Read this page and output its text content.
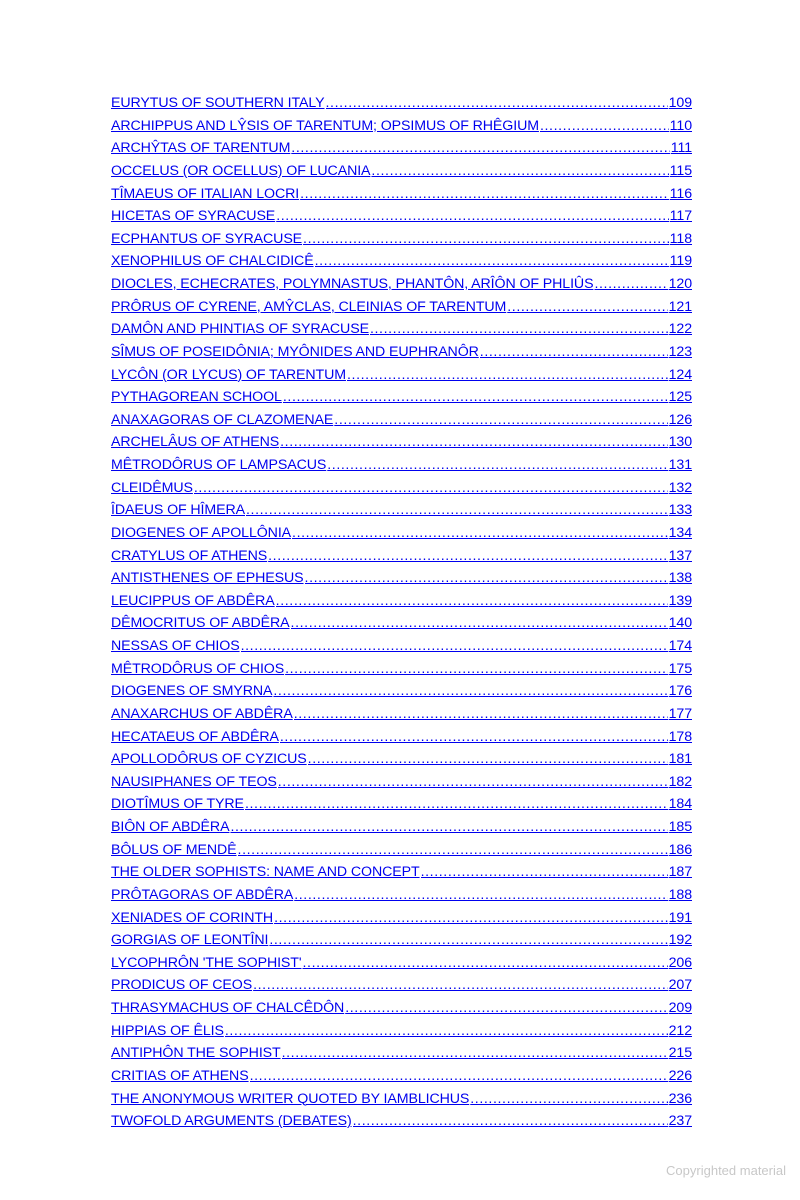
EURYTUS OF SOUTHERN ITALY .....	109
ARCHIPPUS AND LŶSIS OF TARENTUM; OPSIMUS OF RHÊGIUM .....	110
ARCHŶTAS OF TARENTUM .....	111
OCCELUS (OR OCELLUS) OF LUCANIA .....	115
TÎMAEUS OF ITALIAN LOCRI .....	116
HICETAS OF SYRACUSE .....	117
ECPHANTUS OF SYRACUSE .....	118
XENOPHILUS OF CHALCIDICÊ .....	119
DIOCLES, ECHECRATES, POLYMNASTUS, PHANTÔN, ARÎÔN OF PHLIÛS .....	120
PRÔRUS OF CYRENE, AMŶCLAS, CLEINIAS OF TARENTUM .....	121
DAMÔN AND PHINTIAS OF SYRACUSE .....	122
SÎMUS OF POSEIDÔNIA; MYÔNIDES AND EUPHRANÔR .....	123
LYCÔN (OR LYCUS) OF TARENTUM .....	124
PYTHAGOREAN SCHOOL .....	125
ANAXAGORAS OF CLAZOMENAE .....	126
ARCHELÂUS OF ATHENS .....	130
MÊTRODÔRUS OF LAMPSACUS .....	131
CLEIDÊMUS .....	132
ÎDAEUS OF HÎMERA .....	133
DIOGENES OF APOLLÔNIA .....	134
CRATYLUS OF ATHENS .....	137
ANTISTHENES OF EPHESUS .....	138
LEUCIPPUS OF ABDÊRA .....	139
DÊMOCRITUS OF ABDÊRA .....	140
NESSAS OF CHIOS .....	174
MÊTRODÔRUS OF CHIOS .....	175
DIOGENES OF SMYRNA .....	176
ANAXARCHUS OF ABDÊRA .....	177
HECATAEUS OF ABDÊRA .....	178
APOLLODÔRUS OF CYZICUS .....	181
NAUSIPHANES OF TEOS .....	182
DIOTÎMUS OF TYRE .....	184
BIÔN OF ABDÊRA .....	185
BÔLUS OF MENDÊ .....	186
THE OLDER SOPHISTS: NAME AND CONCEPT .....	187
PRÔTAGORAS OF ABDÊRA .....	188
XENIADES OF CORINTH .....	191
GORGIAS OF LEONTÎNI .....	192
LYCOPHRÔN 'THE SOPHIST' .....	206
PRODICUS OF CEOS .....	207
THRASYMACHUS OF CHALCÊDÔN .....	209
HIPPIAS OF ÊLIS .....	212
ANTIPHÔN THE SOPHIST .....	215
CRITIAS OF ATHENS .....	226
THE ANONYMOUS WRITER QUOTED BY IAMBLICHUS .....	236
TWOFOLD ARGUMENTS (DEBATES) .....	237
Copyrighted material
